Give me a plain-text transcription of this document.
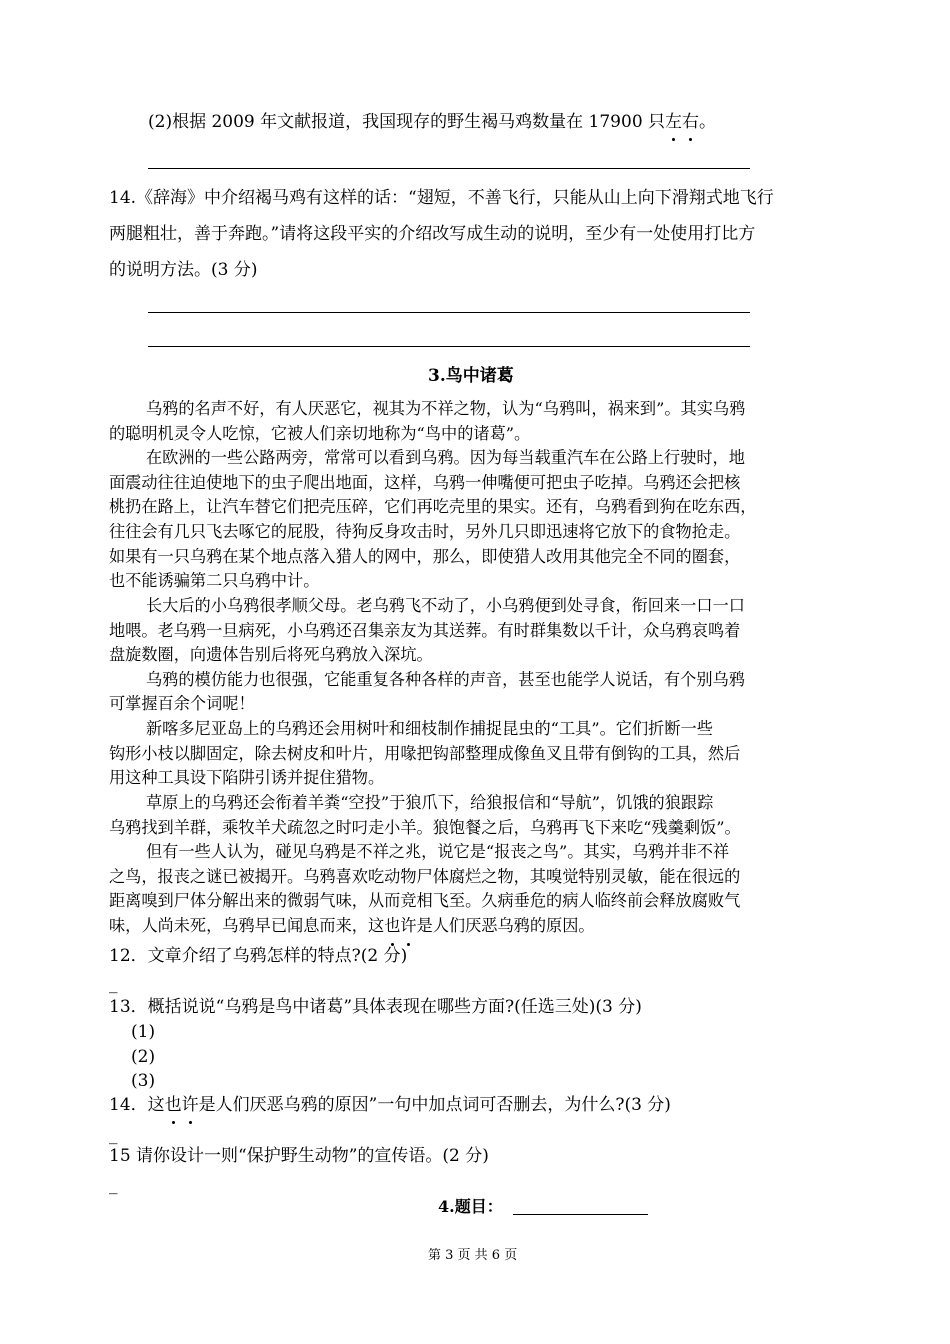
(2)根据 2009 年文献报道，我国现存的野生褐马鸡数量在 17900 只左右。
14.《辞海》中介绍褐马鸡有这样的话：“翅短，不善飞行，只能从山上向下滑翔式地飞行
两腿粗壮，善于奔跑。”请将这段平实的介绍改写成生动的说明，至少有一处使用打比方
的说明方法。(3 分)
3.鸟中诸葛
乌鸦的名声不好，有人厌恶它，视其为不祥之物，认为“乌鸦叫，祸来到”。其实乌鸦
的聪明机灵令人吃惊，它被人们亲切地称为“鸟中的诸葛”。
在欧洲的一些公路两旁，常常可以看到乌鸦。因为每当载重汽车在公路上行驶时，地
面震动往往迫使地下的虫子爬出地面，这样，乌鸦一伸嘴便可把虫子吃掉。乌鸦还会把核
桃扔在路上，让汽车替它们把壳压碎，它们再吃壳里的果实。还有，乌鸦看到狗在吃东西，
往往会有几只飞去啄它的屁股，待狗反身攻击时，另外几只即迅速将它放下的食物抢走。
如果有一只乌鸦在某个地点落入猎人的网中，那么，即使猎人改用其他完全不同的圈套，
也不能诱骗第二只乌鸦中计。
长大后的小乌鸦很孝顺父母。老乌鸦飞不动了，小乌鸦便到处寻食，衔回来一口一口
地喂。老乌鸦一旦病死，小乌鸦还召集亲友为其送葬。有时群集数以千计，众乌鸦哀鸣着
盘旋数圈，向遗体告别后将死乌鸦放入深坑。
乌鸦的模仿能力也很强，它能重复各种各样的声音，甚至也能学人说话，有个别乌鸦
可掌握百余个词呢！
新喀多尼亚岛上的乌鸦还会用树叶和细枝制作捕捉昆虫的“工具”。它们折断一些
钩形小枝以脚固定，除去树皮和叶片，用喙把钩部整理成像鱼叉且带有倒钩的工具，然后
用这种工具设下陷阱引诱并捉住猎物。
草原上的乌鸦还会衔着羊粪“空投”于狼爪下，给狼报信和“导航”，饥饿的狼跟踪
乌鸦找到羊群，乘牧羊犬疏忽之时叼走小羊。狼饱餐之后，乌鸦再飞下来吃“残羹剩饭”。
但有一些人认为，碰见乌鸦是不祥之兆，说它是“报丧之鸟”。其实，乌鸦并非不祥
之鸟，报丧之谜已被揭开。乌鸦喜欢吃动物尸体腐烂之物，其嗅觉特别灵敏，能在很远的
距离嗅到尸体分解出来的微弱气味，从而竞相飞至。久病垂危的病人临终前会释放腐败气
味，人尚未死，乌鸦早已闻息而来，这也许是人们厌恶乌鸦的原因。
12．文章介绍了乌鸦怎样的特点?(2 分)
_
13．概括说说“乌鸦是鸟中诸葛”具体表现在哪些方面?(任选三处)(3 分)
(1)
(2)
(3)
14．这也许是人们厌恶乌鸦的原因”一句中加点词可否删去，为什么?(3 分)
_
15 请你设计一则“保护野生动物”的宣传语。(2 分)
_
4.题目：
第 3 页 共 6 页
